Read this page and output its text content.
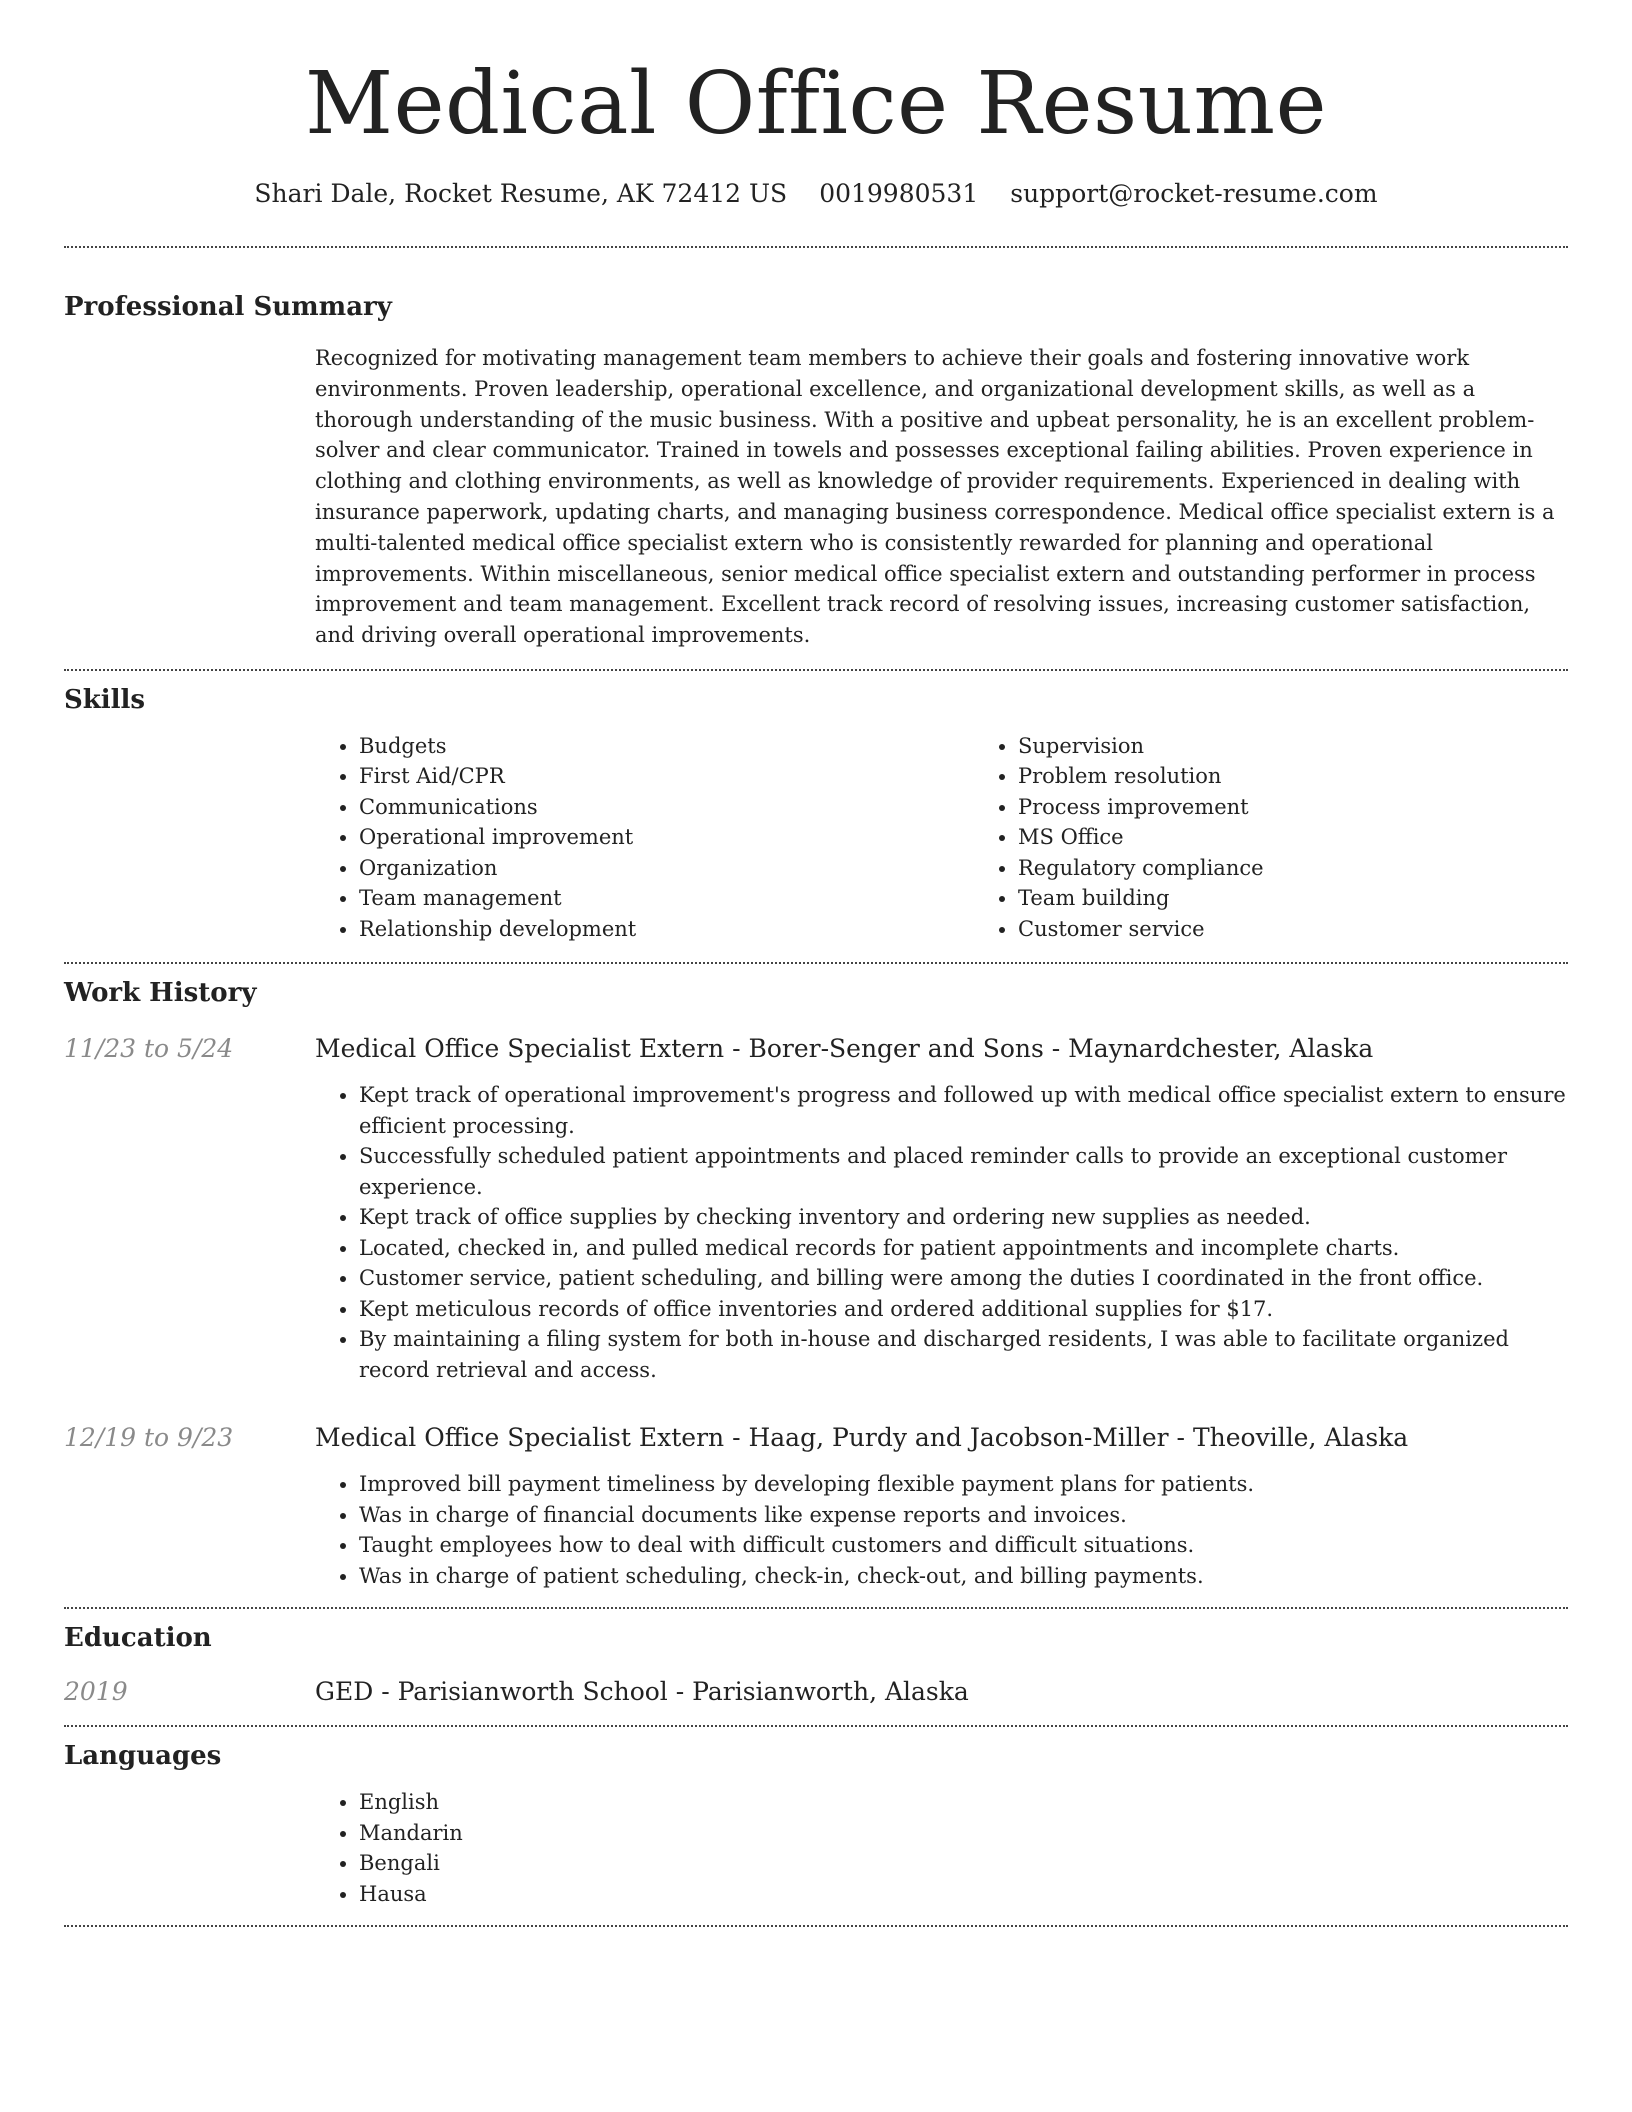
Medical Office Resume
Shari Dale, Rocket Resume, AK 72412 US 0019980531 support@rocket-resume.com
Professional Summary

Recognized for motivating management team members to achieve their goals and fostering innovative work environments. Proven leadership, operational excellence, and organizational development skills, as well as a thorough understanding of the music business. With a positive and upbeat personality, he is an excellent problem-solver and clear communicator. Trained in towels and possesses exceptional failing abilities. Proven experience in clothing and clothing environments, as well as knowledge of provider requirements. Experienced in dealing with insurance paperwork, updating charts, and managing business correspondence. Medical office specialist extern is a multi-talented medical office specialist extern who is consistently rewarded for planning and operational improvements. Within miscellaneous, senior medical office specialist extern and outstanding performer in process improvement and team management. Excellent track record of resolving issues, increasing customer satisfaction, and driving overall operational improvements.

Skills
• Budgets
• First Aid/CPR
• Communications
• Operational improvement
• Organization
• Team management
• Relationship development
• Supervision
• Problem resolution
• Process improvement
• MS Office
• Regulatory compliance
• Team building
• Customer service
Work History
11/23 to 5/24	Medical Office Specialist Extern - Borer-Senger and Sons - Maynardchester, Alaska
• Kept track of operational improvement's progress and followed up with medical office specialist extern to ensure efficient processing.
• Successfully scheduled patient appointments and placed reminder calls to provide an exceptional customer experience.
• Kept track of office supplies by checking inventory and ordering new supplies as needed.
• Located, checked in, and pulled medical records for patient appointments and incomplete charts.
• Customer service, patient scheduling, and billing were among the duties I coordinated in the front office.
• Kept meticulous records of office inventories and ordered additional supplies for $17.
• By maintaining a filing system for both in-house and discharged residents, I was able to facilitate organized record retrieval and access.
12/19 to 9/23	Medical Office Specialist Extern - Haag, Purdy and Jacobson-Miller - Theoville, Alaska
• Improved bill payment timeliness by developing flexible payment plans for patients.
• Was in charge of financial documents like expense reports and invoices.
• Taught employees how to deal with difficult customers and difficult situations.
• Was in charge of patient scheduling, check-in, check-out, and billing payments.
Education
2019	GED - Parisianworth School - Parisianworth, Alaska
Languages
• English
• Mandarin
• Bengali
• Hausa
